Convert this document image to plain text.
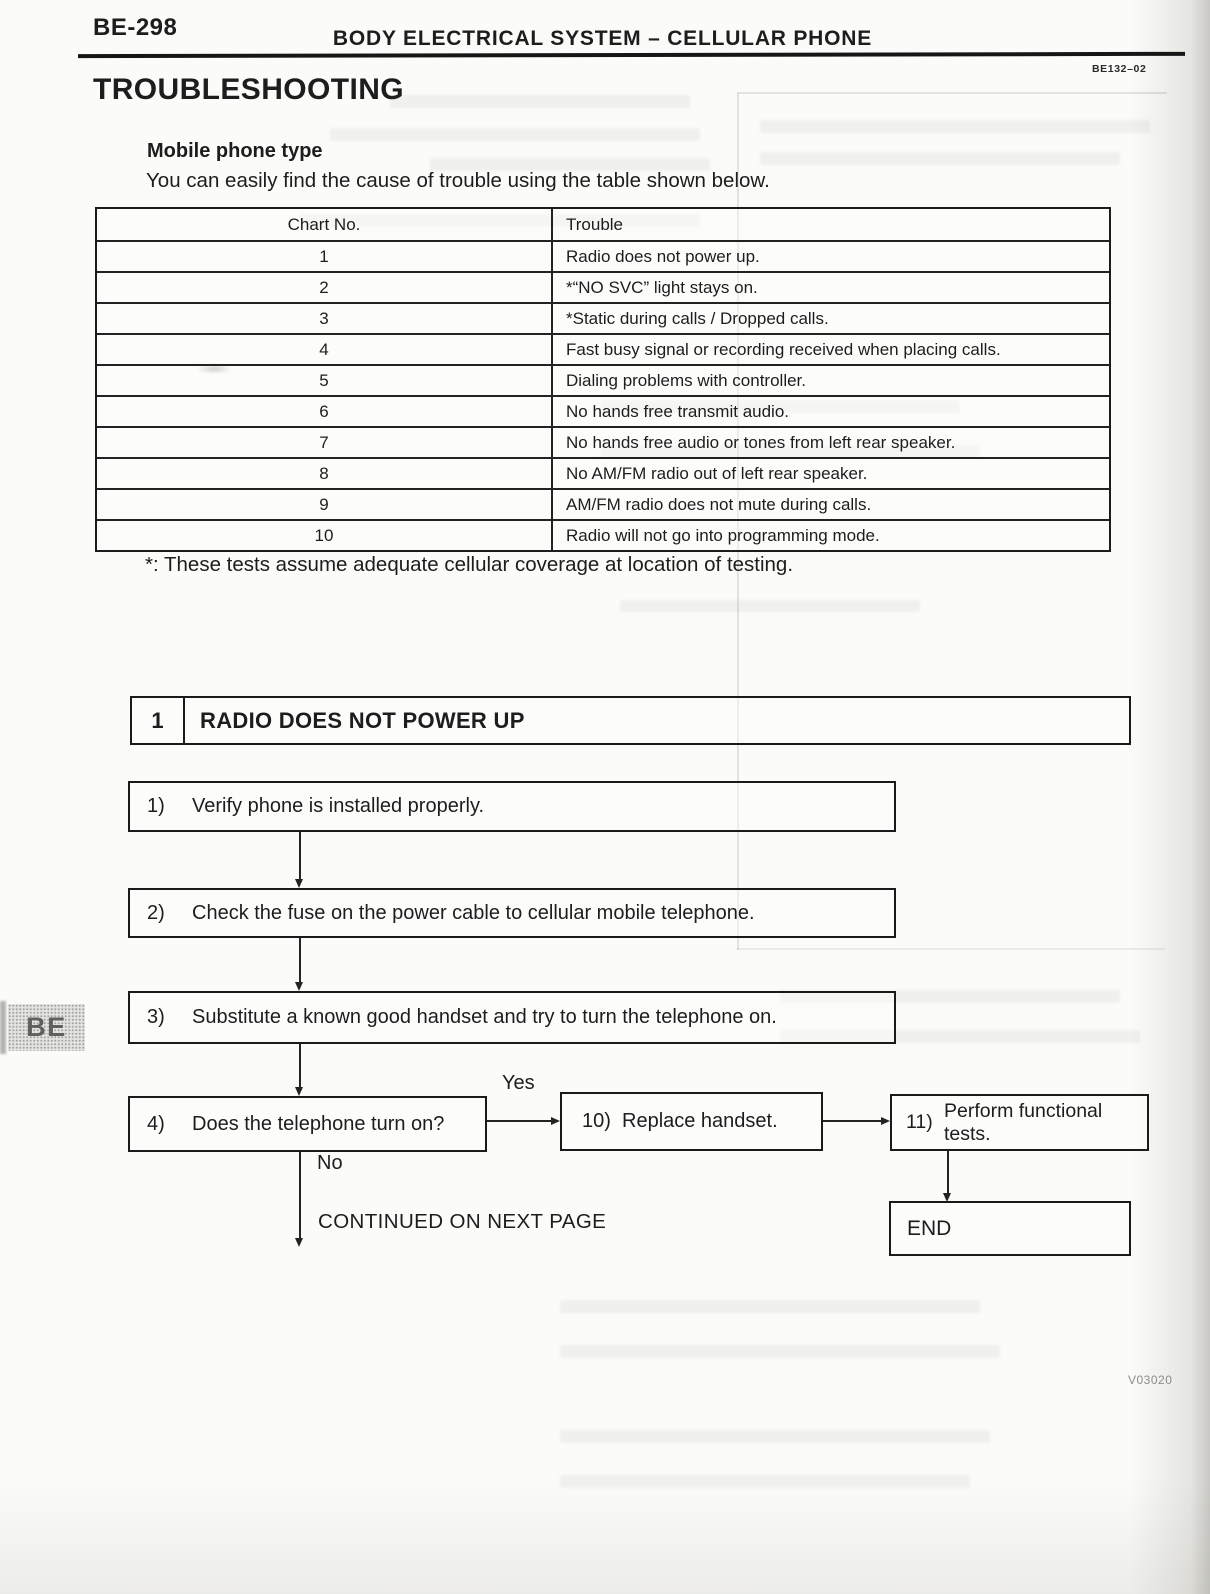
BE-298	BODY ELECTRICAL SYSTEM – CELLULAR PHONE
BE132–02
TROUBLESHOOTING
Mobile phone type
You can easily find the cause of trouble using the table shown below.
Chart No.	Trouble
1	Radio does not power up.
2	*“NO SVC” light stays on.
3	*Static during calls / Dropped calls.
4	Fast busy signal or recording received when placing calls.
5	Dialing problems with controller.
6	No hands free transmit audio.
7	No hands free audio or tones from left rear speaker.
8	No AM/FM radio out of left rear speaker.
9	AM/FM radio does not mute during calls.
10	Radio will not go into programming mode.
*: These tests assume adequate cellular coverage at location of testing.
1	RADIO DOES NOT POWER UP
1)	Verify phone is installed properly.
2)	Check the fuse on the power cable to cellular mobile telephone.
3)	Substitute a known good handset and try to turn the telephone on.
4)	Does the telephone turn on?	10) Replace handset.	11)
Perform functional tests.
END
Yes
No
CONTINUED ON NEXT PAGE
BE
V03020
